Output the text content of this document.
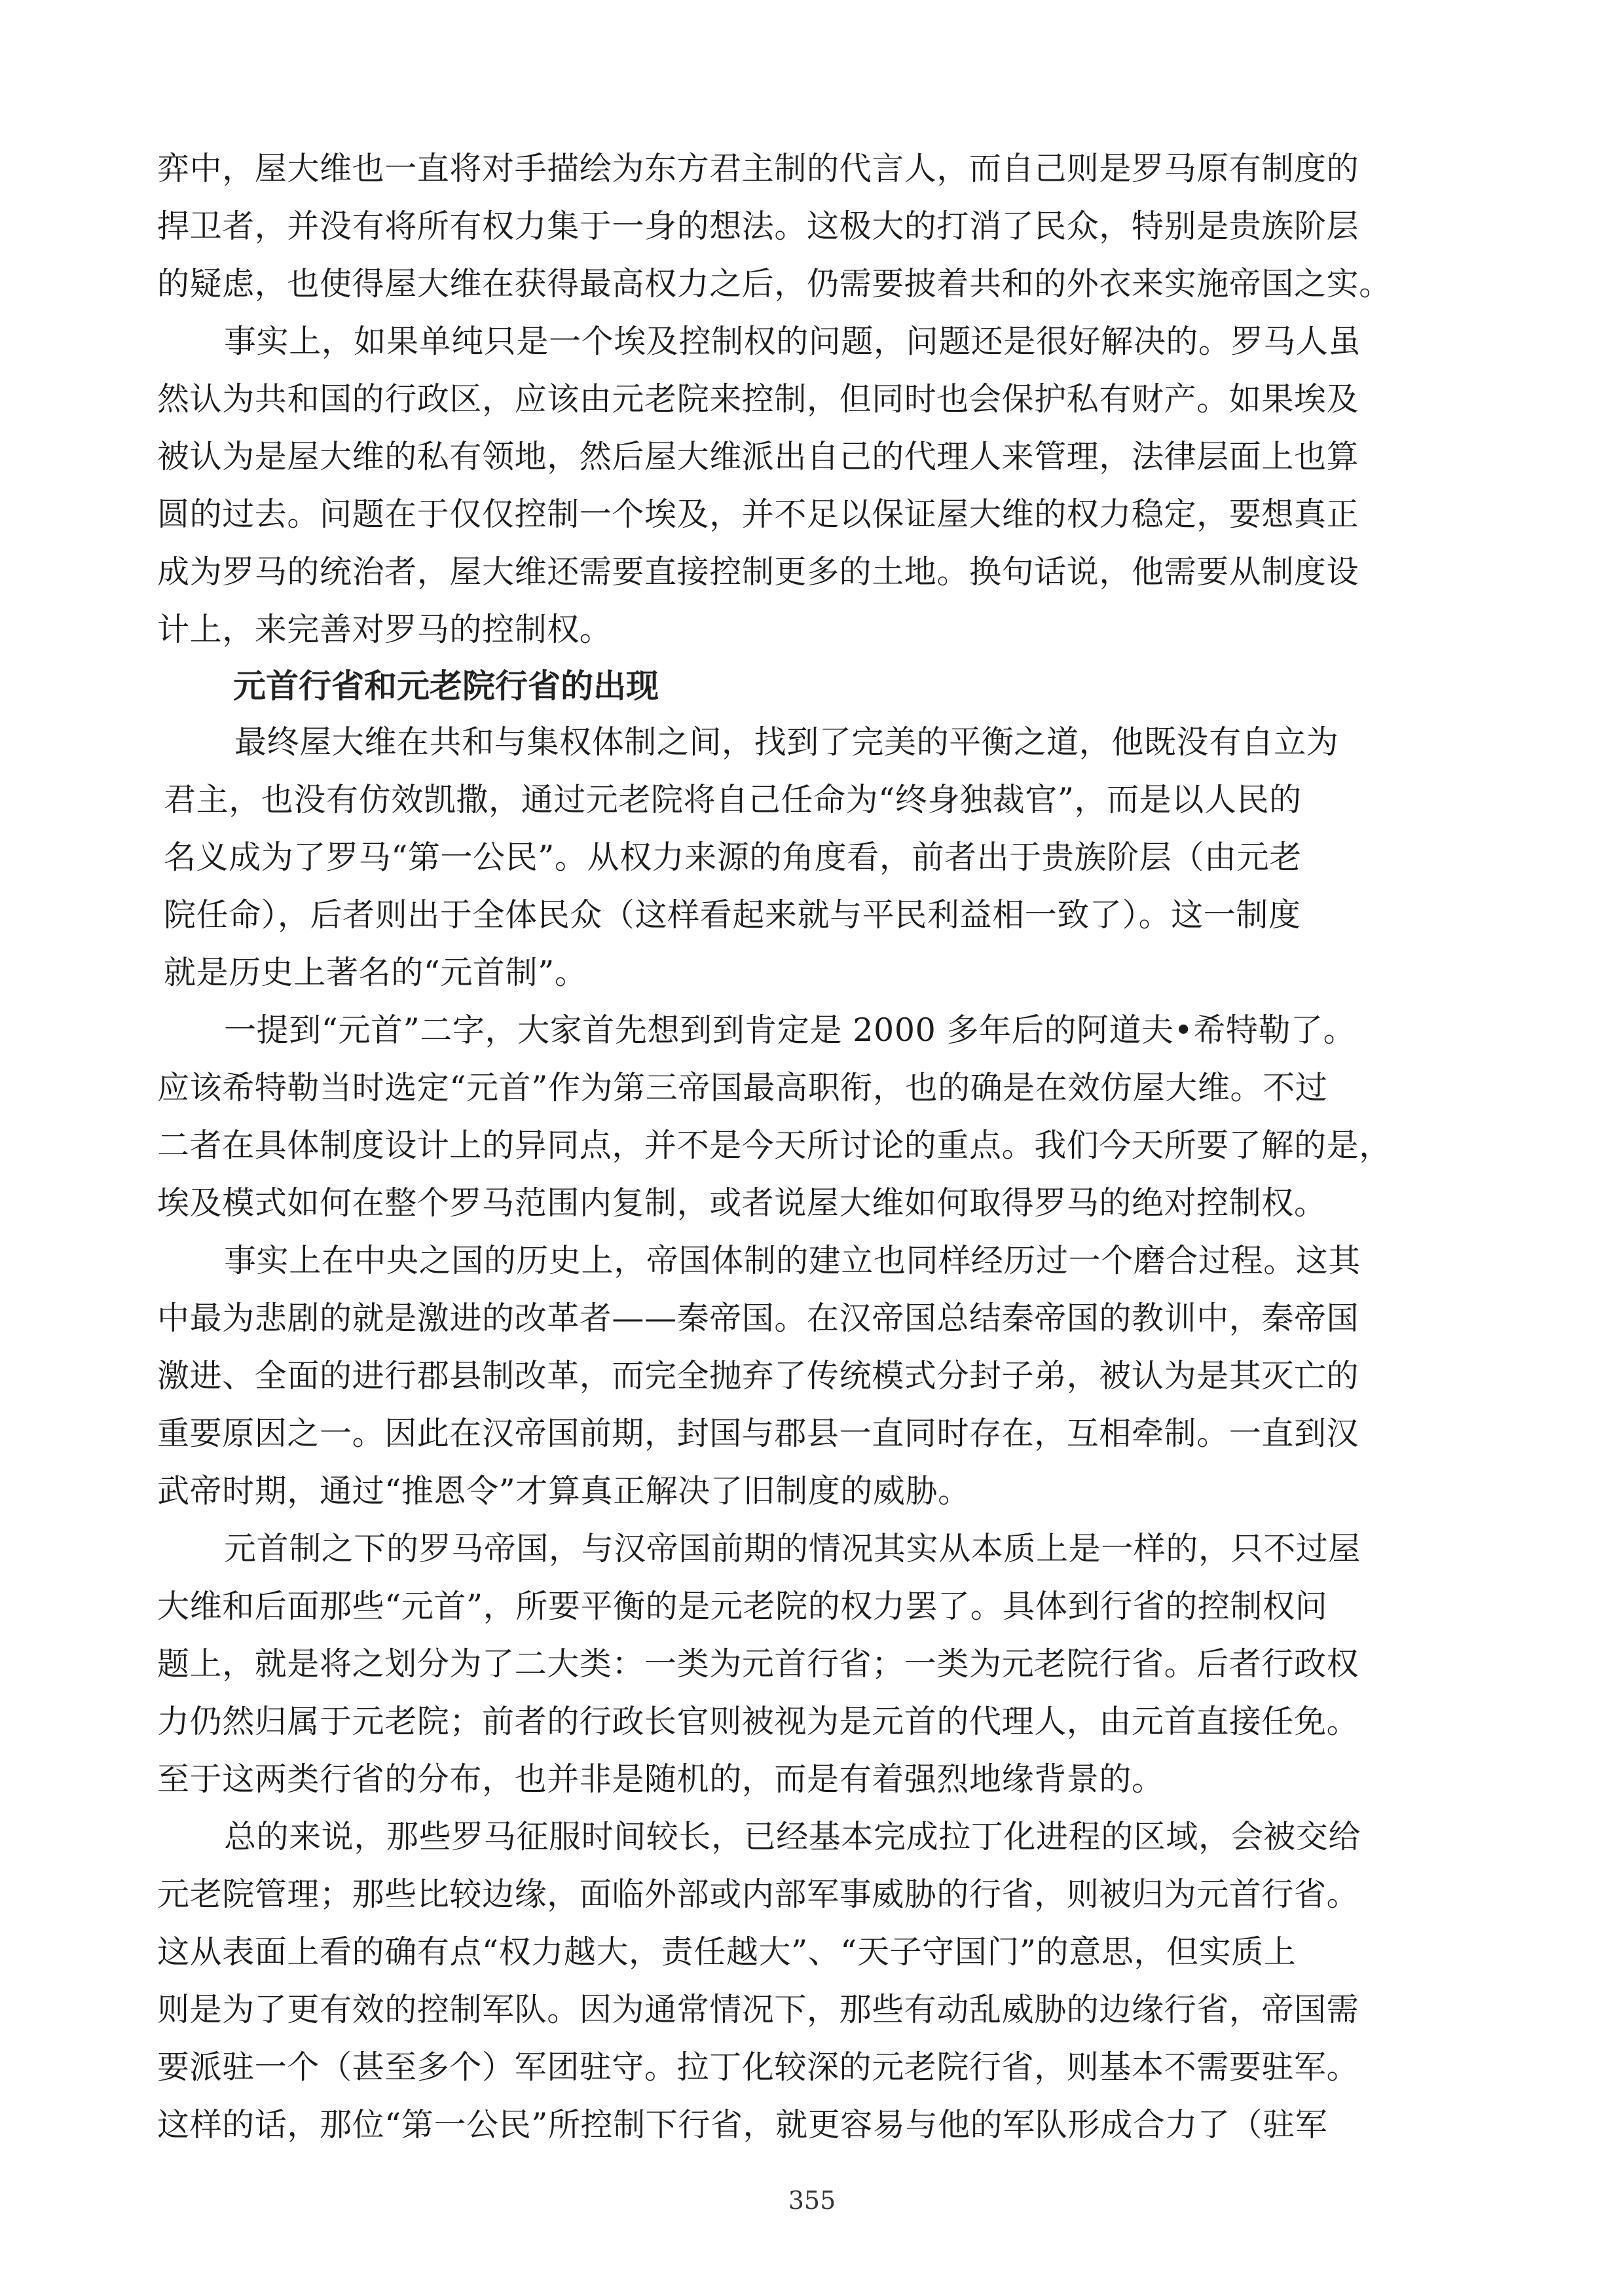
弈中，屋大维也一直将对手描绘为东方君主制的代言人，而自己则是罗马原有制度的

捍卫者，并没有将所有权力集于一身的想法。这极大的打消了民众，特别是贵族阶层

的疑虑，也使得屋大维在获得最高权力之后，仍需要披着共和的外衣来实施帝国之实。

事实上，如果单纯只是一个埃及控制权的问题，问题还是很好解决的。罗马人虽

然认为共和国的行政区，应该由元老院来控制，但同时也会保护私有财产。如果埃及

被认为是屋大维的私有领地，然后屋大维派出自己的代理人来管理，法律层面上也算

圆的过去。问题在于仅仅控制一个埃及，并不足以保证屋大维的权力稳定，要想真正

成为罗马的统治者，屋大维还需要直接控制更多的土地。换句话说，他需要从制度设

计上，来完善对罗马的控制权。

元首行省和元老院行省的出现

最终屋大维在共和与集权体制之间，找到了完美的平衡之道，他既没有自立为

君主，也没有仿效凯撒，通过元老院将自己任命为“终身独裁官”，而是以人民的

名义成为了罗马“第一公民”。从权力来源的角度看，前者出于贵族阶层（由元老

院任命），后者则出于全体民众（这样看起来就与平民利益相一致了）。这一制度

就是历史上著名的“元首制”。

一提到“元首”二字，大家首先想到到肯定是 2000 多年后的阿道夫•希特勒了。

应该希特勒当时选定“元首”作为第三帝国最高职衔，也的确是在效仿屋大维。不过

二者在具体制度设计上的异同点，并不是今天所讨论的重点。我们今天所要了解的是，

埃及模式如何在整个罗马范围内复制，或者说屋大维如何取得罗马的绝对控制权。

事实上在中央之国的历史上，帝国体制的建立也同样经历过一个磨合过程。这其

中最为悲剧的就是激进的改革者——秦帝国。在汉帝国总结秦帝国的教训中，秦帝国

激进、全面的进行郡县制改革，而完全抛弃了传统模式分封子弟，被认为是其灭亡的

重要原因之一。因此在汉帝国前期，封国与郡县一直同时存在，互相牵制。一直到汉

武帝时期，通过“推恩令”才算真正解决了旧制度的威胁。

元首制之下的罗马帝国，与汉帝国前期的情况其实从本质上是一样的，只不过屋

大维和后面那些“元首”，所要平衡的是元老院的权力罢了。具体到行省的控制权问

题上，就是将之划分为了二大类：一类为元首行省；一类为元老院行省。后者行政权

力仍然归属于元老院；前者的行政长官则被视为是元首的代理人，由元首直接任免。

至于这两类行省的分布，也并非是随机的，而是有着强烈地缘背景的。

总的来说，那些罗马征服时间较长，已经基本完成拉丁化进程的区域，会被交给

元老院管理；那些比较边缘，面临外部或内部军事威胁的行省，则被归为元首行省。

这从表面上看的确有点“权力越大，责任越大”、“天子守国门”的意思，但实质上

则是为了更有效的控制军队。因为通常情况下，那些有动乱威胁的边缘行省，帝国需

要派驻一个（甚至多个）军团驻守。拉丁化较深的元老院行省，则基本不需要驻军。

这样的话，那位“第一公民”所控制下行省，就更容易与他的军队形成合力了（驻军

355
